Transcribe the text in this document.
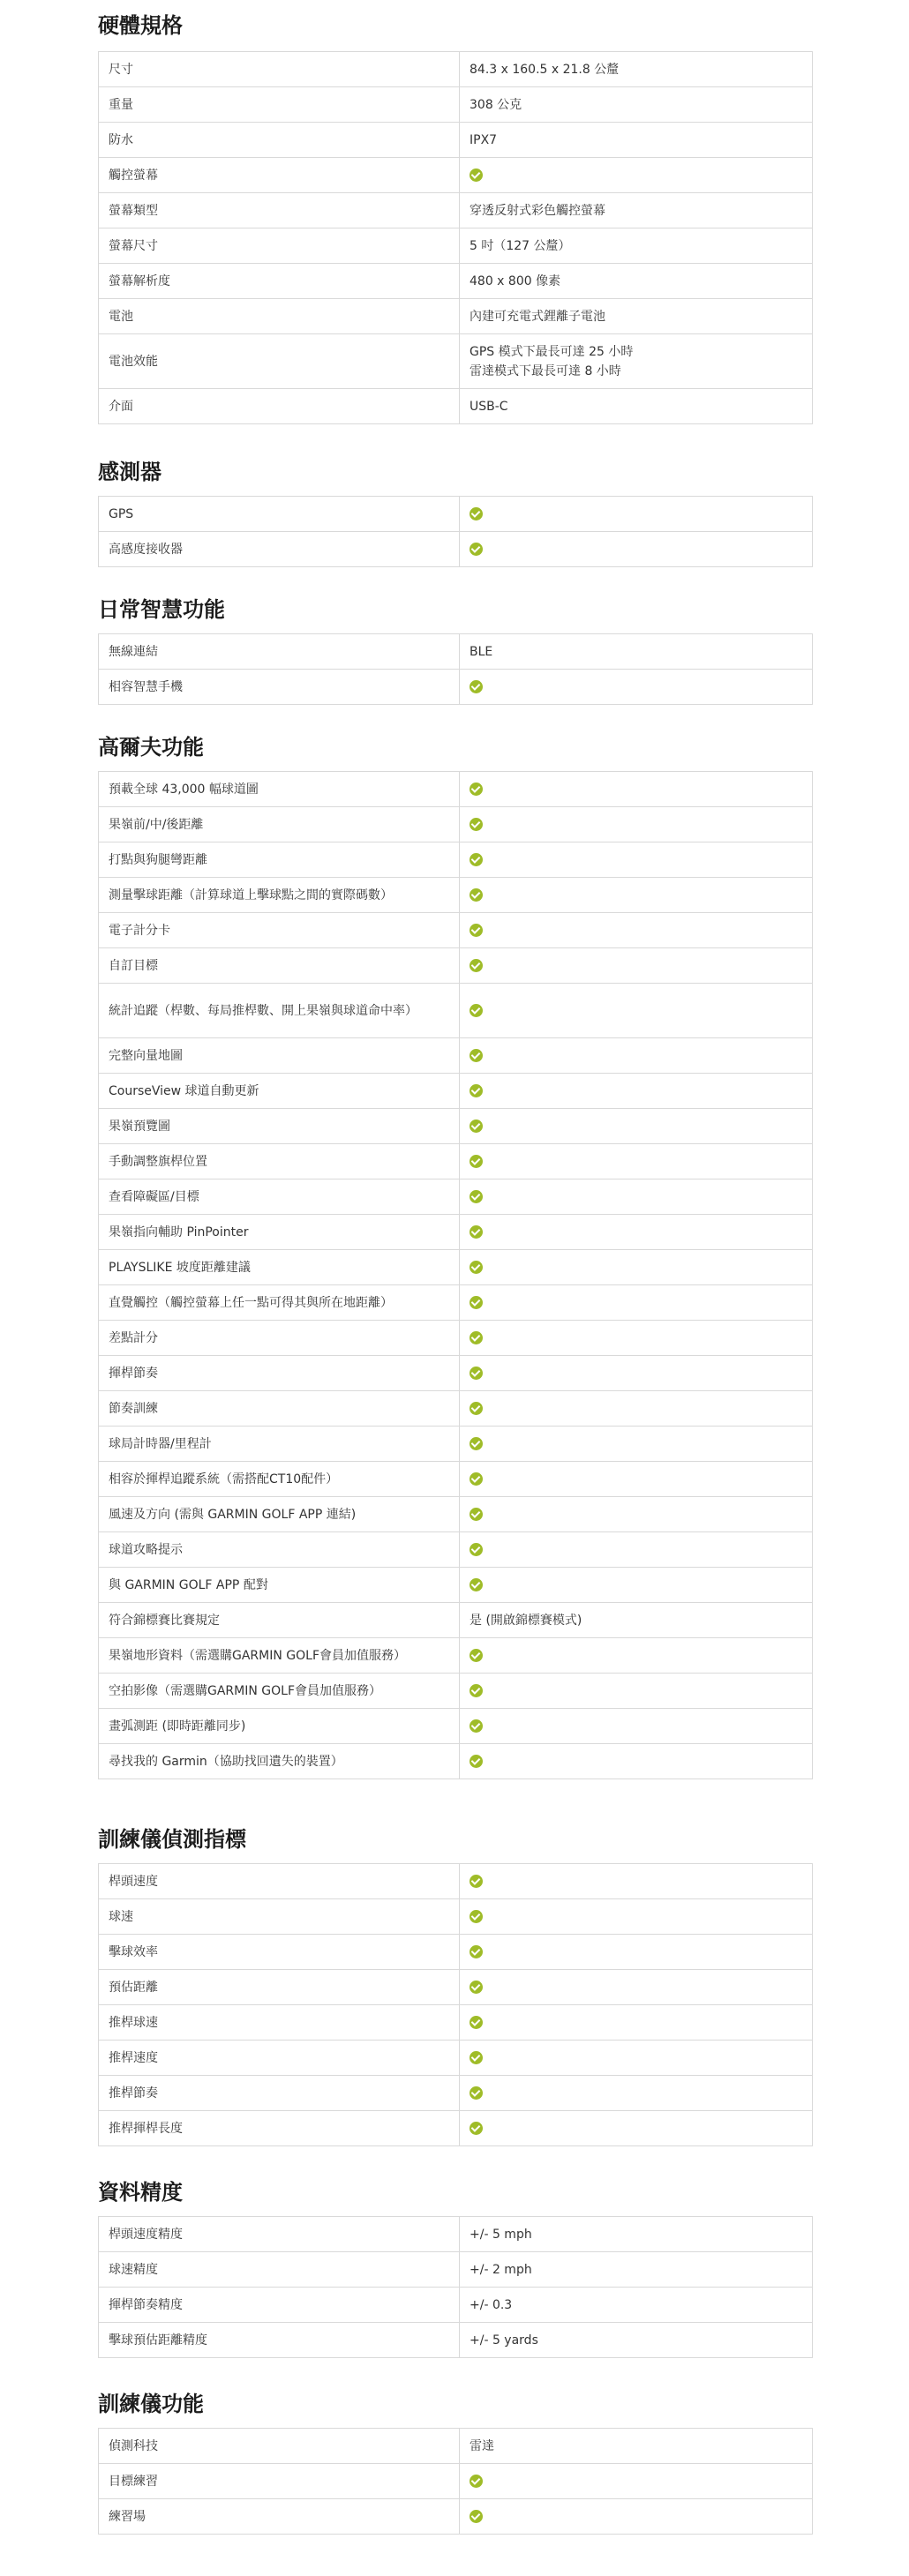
硬體規格
尺寸	84.3 x 160.5 x 21.8 公釐
重量	308 公克
防水	IPX7
觸控螢幕	
螢幕類型	穿透反射式彩色觸控螢幕
螢幕尺寸	5 吋（127 公釐）
螢幕解析度	480 x 800 像素
電池	內建可充電式鋰離子電池
電池效能	GPS 模式下最長可達 25 小時
雷達模式下最長可達 8 小時
介面	USB-C
感測器
GPS	
高感度接收器	
日常智慧功能
無線連結	BLE
相容智慧手機	
高爾夫功能
預載全球 43,000 幅球道圖	
果嶺前/中/後距離	
打點與狗腿彎距離	
測量擊球距離（計算球道上擊球點之間的實際碼數）	
電子計分卡	
自訂目標	
統計追蹤（桿數、每局推桿數、開上果嶺與球道命中率）	
完整向量地圖	
CourseView 球道自動更新	
果嶺預覽圖	
手動調整旗桿位置	
查看障礙區/目標	
果嶺指向輔助 PinPointer	
PLAYSLIKE 坡度距離建議	
直覺觸控（觸控螢幕上任一點可得其與所在地距離）	
差點計分	
揮桿節奏	
節奏訓練	
球局計時器/里程計	
相容於揮桿追蹤系統（需搭配CT10配件）	
風速及方向 (需與 GARMIN GOLF APP 連結)	
球道攻略提示	
與 GARMIN GOLF APP 配對	
符合錦標賽比賽規定	是 (開啟錦標賽模式)
果嶺地形資料（需選購GARMIN GOLF會員加值服務）	
空拍影像（需選購GARMIN GOLF會員加值服務）	
畫弧測距 (即時距離同步)	
尋找我的 Garmin（協助找回遺失的裝置）	
訓練儀偵測指標
桿頭速度	
球速	
擊球效率	
預估距離	
推桿球速	
推桿速度	
推桿節奏	
推桿揮桿長度	
資料精度
桿頭速度精度	+/- 5 mph
球速精度	+/- 2 mph
揮桿節奏精度	+/- 0.3
擊球預估距離精度	+/- 5 yards
訓練儀功能
偵測科技	雷達
目標練習	
練習場	
